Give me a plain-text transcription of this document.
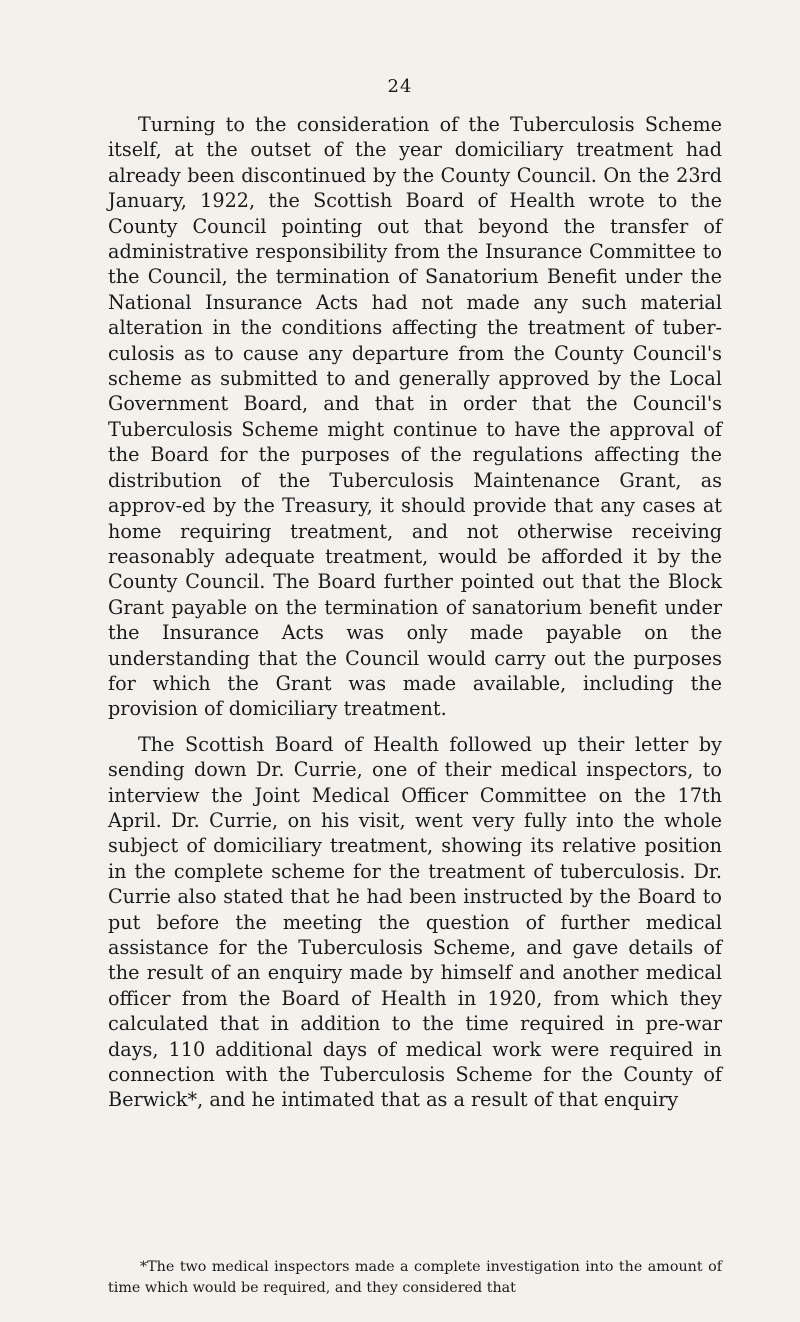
24

Turning to the consideration of the Tuberculosis Scheme itself, at the outset of the year domiciliary treatment had already been discontinued by the County Council. On the 23rd January, 1922, the Scottish Board of Health wrote to the County Council pointing out that beyond the transfer of administrative responsibility from the Insurance Committee to the Council, the termination of Sanatorium Benefit under the National Insurance Acts had not made any such material alteration in the conditions affecting the treatment of tuber-culosis as to cause any departure from the County Council's scheme as submitted to and generally approved by the Local Government Board, and that in order that the Council's Tuberculosis Scheme might continue to have the approval of the Board for the purposes of the regulations affecting the distribution of the Tuberculosis Maintenance Grant, as approv-ed by the Treasury, it should provide that any cases at home requiring treatment, and not otherwise receiving reasonably adequate treatment, would be afforded it by the County Council. The Board further pointed out that the Block Grant payable on the termination of sanatorium benefit under the Insurance Acts was only made payable on the understanding that the Council would carry out the purposes for which the Grant was made available, including the provision of domiciliary treatment.

The Scottish Board of Health followed up their letter by sending down Dr. Currie, one of their medical inspectors, to interview the Joint Medical Officer Committee on the 17th April. Dr. Currie, on his visit, went very fully into the whole subject of domiciliary treatment, showing its relative position in the complete scheme for the treatment of tuberculosis. Dr. Currie also stated that he had been instructed by the Board to put before the meeting the question of further medical assistance for the Tuberculosis Scheme, and gave details of the result of an enquiry made by himself and another medical officer from the Board of Health in 1920, from which they calculated that in addition to the time required in pre-war days, 110 additional days of medical work were required in connection with the Tuberculosis Scheme for the County of Berwick*, and he intimated that as a result of that enquiry

*The two medical inspectors made a complete investigation into the amount of time which would be required, and they considered that
